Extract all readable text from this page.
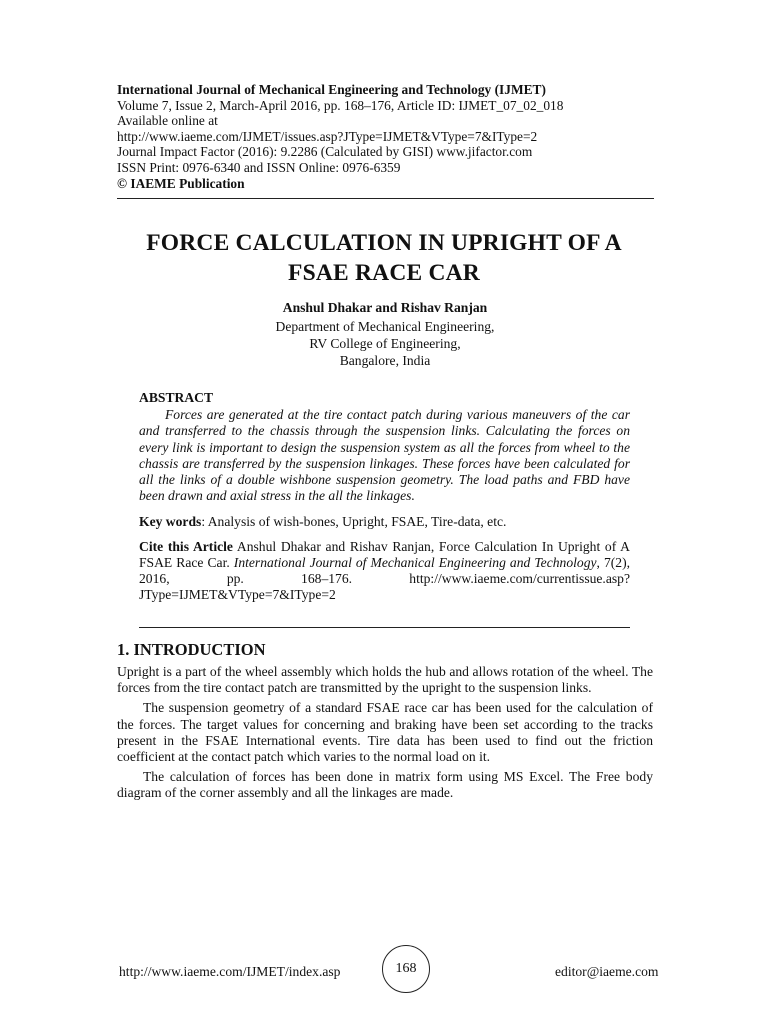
International Journal of Mechanical Engineering and Technology (IJMET)
Volume 7, Issue 2, March-April 2016, pp. 168–176, Article ID: IJMET_07_02_018
Available online at
http://www.iaeme.com/IJMET/issues.asp?JType=IJMET&VType=7&IType=2
Journal Impact Factor (2016): 9.2286 (Calculated by GISI) www.jifactor.com
ISSN Print: 0976-6340 and ISSN Online: 0976-6359
© IAEME Publication
FORCE CALCULATION IN UPRIGHT OF A
FSAE RACE CAR
Anshul Dhakar and Rishav Ranjan
Department of Mechanical Engineering,
RV College of Engineering,
Bangalore, India
ABSTRACT

Forces are generated at the tire contact patch during various maneuvers of the car and transferred to the chassis through the suspension links. Calculating the forces on every link is important to design the suspension system as all the forces from wheel to the chassis are transferred by the suspension linkages. These forces have been calculated for all the links of a double wishbone suspension geometry. The load paths and FBD have been drawn and axial stress in the all the linkages.

Key words: Analysis of wish-bones, Upright, FSAE, Tire-data, etc.
Cite this Article Anshul Dhakar and Rishav Ranjan, Force Calculation In Upright of A FSAE Race Car. International Journal of Mechanical Engineering and Technology, 7(2), 2016, pp. 168–176.	http://www.iaeme.com/currentissue.asp?JType=IJMET&VType=7&IType=2
1. INTRODUCTION

Upright is a part of the wheel assembly which holds the hub and allows rotation of the wheel. The forces from the tire contact patch are transmitted by the upright to the suspension links.

The suspension geometry of a standard FSAE race car has been used for the calculation of the forces. The target values for concerning and braking have been set according to the tracks present in the FSAE International events. Tire data has been used to find out the friction coefficient at the contact patch which varies to the normal load on it.

The calculation of forces has been done in matrix form using MS Excel. The Free body diagram of the corner assembly and all the linkages are made.

http://www.iaeme.com/IJMET/index.asp	168	editor@iaeme.com
